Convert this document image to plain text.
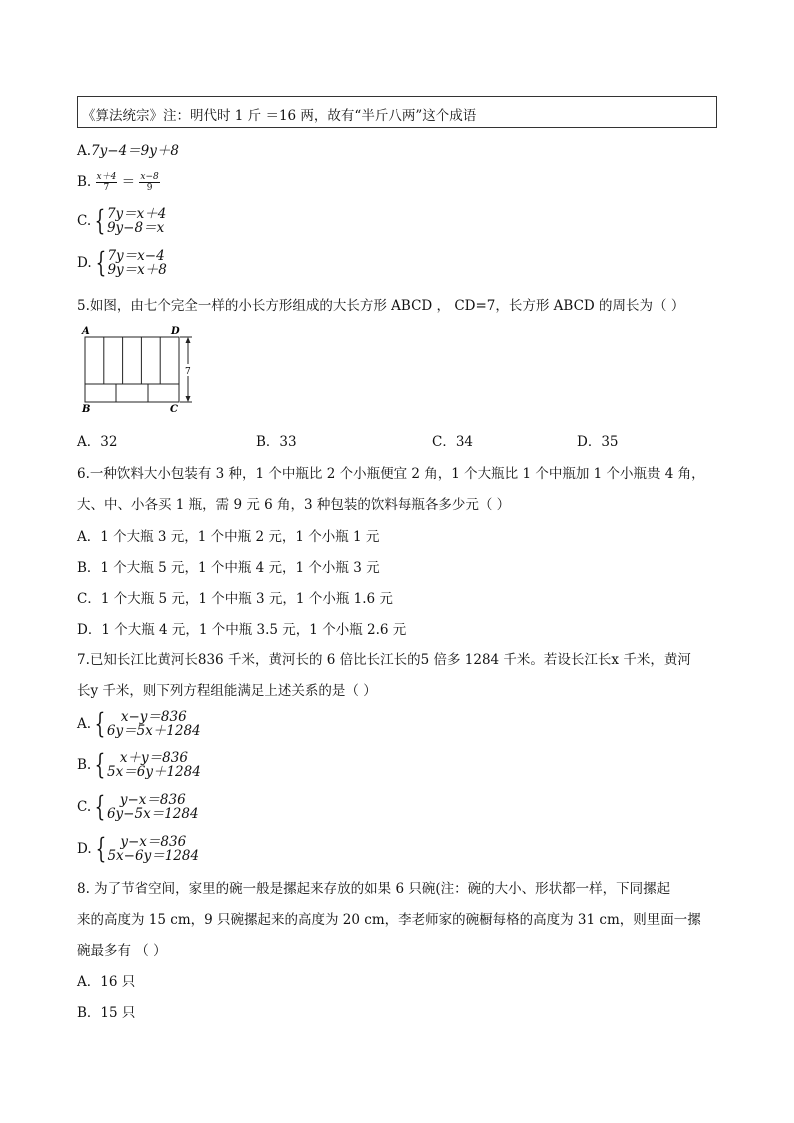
《算法统宗》注：明代时 1 斤 ＝16 两，故有“半斤八两”这个成语
A.7y−4＝9y＋8
B. $\frac{x+4}{7} = \frac{x-8}{9}$
C. { 7y＝x＋4
9y−8＝x
D. { 7y＝x−4
9y＝x＋8
5.如图，由七个完全一样的小长方形组成的大长方形 ABCD ， CD=7，长方形 ABCD 的周长为（ ）
A	D
B	C
7
A．32	B．33	C．34	D．35
6.一种饮料大小包装有 3 种，1 个中瓶比 2 个小瓶便宜 2 角，1 个大瓶比 1 个中瓶加 1 个小瓶贵 4 角，
大、中、小各买 1 瓶，需 9 元 6 角，3 种包装的饮料每瓶各多少元（ ）
A．1 个大瓶 3 元，1 个中瓶 2 元，1 个小瓶 1 元
B．1 个大瓶 5 元，1 个中瓶 4 元，1 个小瓶 3 元
C．1 个大瓶 5 元，1 个中瓶 3 元，1 个小瓶 1.6 元
D．1 个大瓶 4 元，1 个中瓶 3.5 元，1 个小瓶 2.6 元
7.已知长江比黄河长836 千米，黄河长的 6 倍比长江长的5 倍多 1284 千米。若设长江长x 千米，黄河
长y 千米，则下列方程组能满足上述关系的是（ ）
A. {	x−y＝836
6y＝5x＋1284
B. {	x＋y＝836
5x＝6y＋1284
C. {	y−x＝836
6y−5x＝1284
D. {	y−x＝836
5x−6y＝1284
8. 为了节省空间，家里的碗一般是摞起来存放的如果 6 只碗(注：碗的大小、形状都一样，下同摞起
来的高度为 15 cm，9 只碗摞起来的高度为 20 cm，李老师家的碗橱每格的高度为 31 cm，则里面一摞
碗最多有 （ ）
A．16 只
B．15 只
